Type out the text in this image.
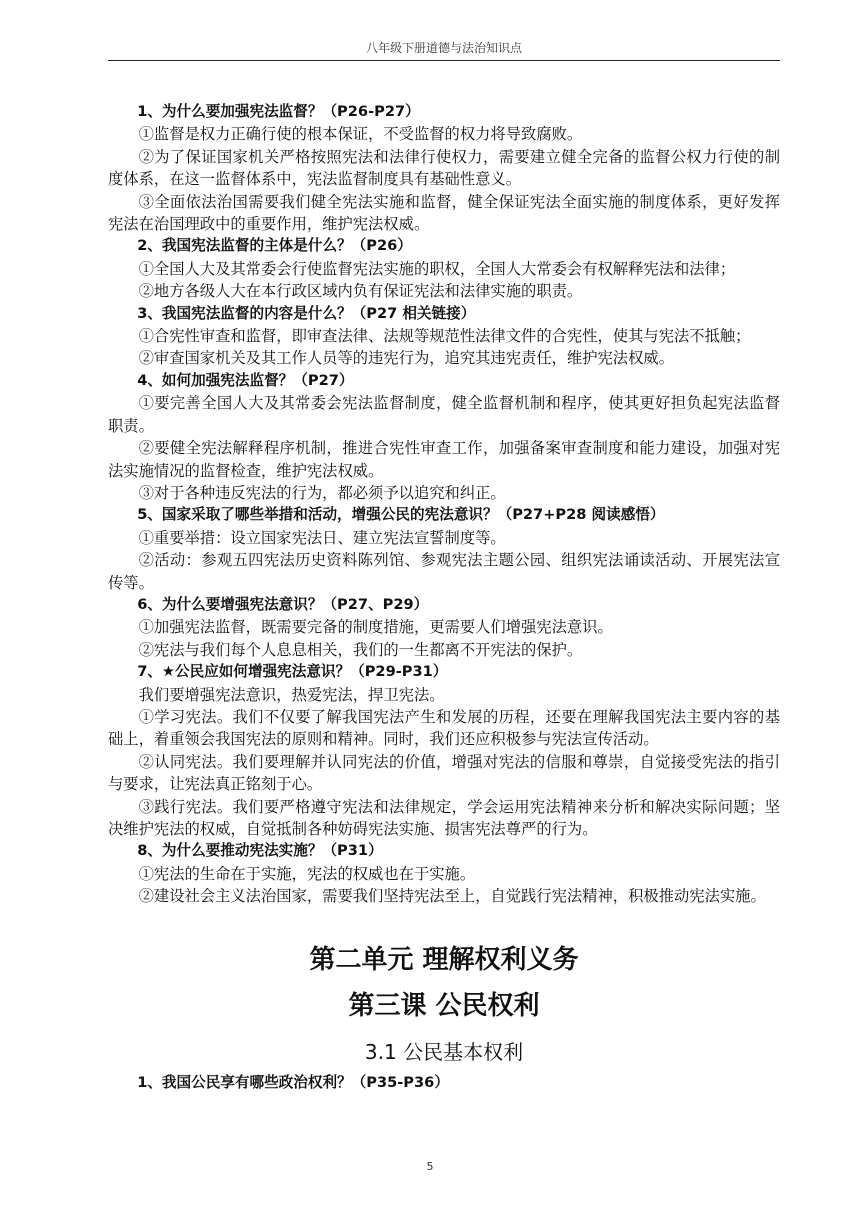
八年级下册道德与法治知识点

1、为什么要加强宪法监督？（P26-P27）

①监督是权力正确行使的根本保证，不受监督的权力将导致腐败。

②为了保证国家机关严格按照宪法和法律行使权力，需要建立健全完备的监督公权力行使的制度体系，在这一监督体系中，宪法监督制度具有基础性意义。

③全面依法治国需要我们健全宪法实施和监督，健全保证宪法全面实施的制度体系，更好发挥宪法在治国理政中的重要作用，维护宪法权威。

2、我国宪法监督的主体是什么？（P26）

①全国人大及其常委会行使监督宪法实施的职权，全国人大常委会有权解释宪法和法律；

②地方各级人大在本行政区域内负有保证宪法和法律实施的职责。

3、我国宪法监督的内容是什么？（P27 相关链接）

①合宪性审查和监督，即审查法律、法规等规范性法律文件的合宪性，使其与宪法不抵触；

②审查国家机关及其工作人员等的违宪行为，追究其违宪责任，维护宪法权威。

4、如何加强宪法监督？（P27）

①要完善全国人大及其常委会宪法监督制度，健全监督机制和程序，使其更好担负起宪法监督职责。

②要健全宪法解释程序机制，推进合宪性审查工作，加强备案审查制度和能力建设，加强对宪法实施情况的监督检查，维护宪法权威。

③对于各种违反宪法的行为，都必须予以追究和纠正。

5、国家采取了哪些举措和活动，增强公民的宪法意识？（P27+P28 阅读感悟）

①重要举措：设立国家宪法日、建立宪法宣誓制度等。

②活动：参观五四宪法历史资料陈列馆、参观宪法主题公园、组织宪法诵读活动、开展宪法宣传等。

6、为什么要增强宪法意识？（P27、P29）

①加强宪法监督，既需要完备的制度措施，更需要人们增强宪法意识。

②宪法与我们每个人息息相关，我们的一生都离不开宪法的保护。

7、★公民应如何增强宪法意识？（P29-P31）

我们要增强宪法意识，热爱宪法，捍卫宪法。

①学习宪法。我们不仅要了解我国宪法产生和发展的历程，还要在理解我国宪法主要内容的基础上，着重领会我国宪法的原则和精神。同时，我们还应积极参与宪法宣传活动。

②认同宪法。我们要理解并认同宪法的价值，增强对宪法的信服和尊崇，自觉接受宪法的指引与要求，让宪法真正铭刻于心。

③践行宪法。我们要严格遵守宪法和法律规定，学会运用宪法精神来分析和解决实际问题；坚决维护宪法的权威，自觉抵制各种妨碍宪法实施、损害宪法尊严的行为。

8、为什么要推动宪法实施？（P31）

①宪法的生命在于实施，宪法的权威也在于实施。

②建设社会主义法治国家，需要我们坚持宪法至上，自觉践行宪法精神，积极推动宪法实施。

第二单元 理解权利义务
第三课 公民权利
3.1 公民基本权利

1、我国公民享有哪些政治权利？（P35-P36）

5
